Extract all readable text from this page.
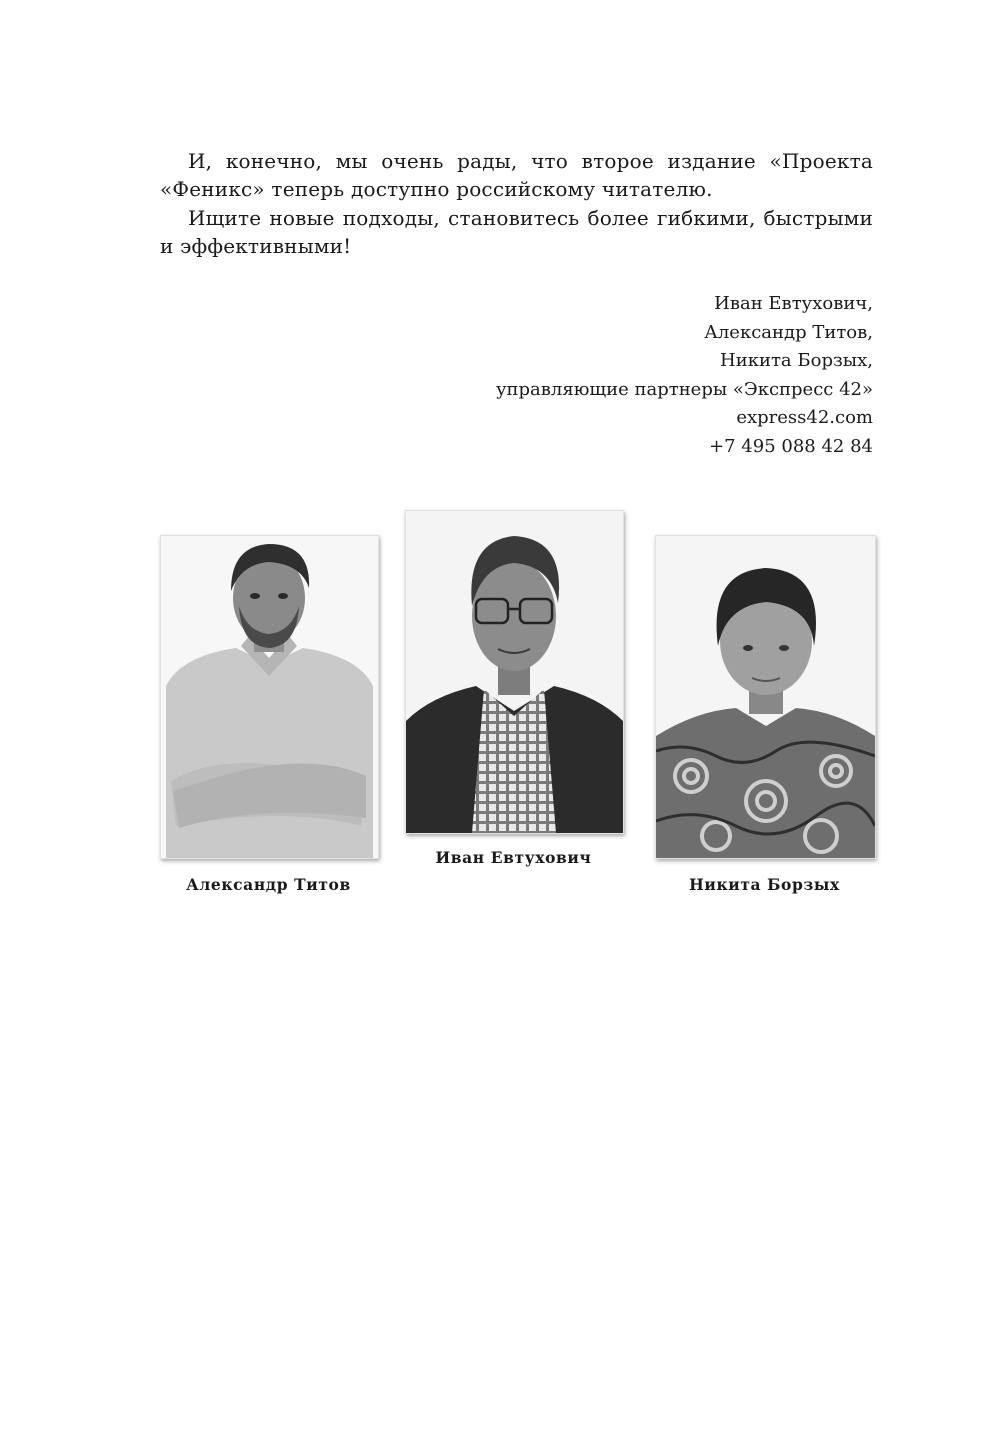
И, конечно, мы очень рады, что второе издание «Проекта «Феникс» теперь доступно российскому читателю.

Ищите новые подходы, становитесь более гибкими, быстрыми и эффективными!

Иван Евтухович,
Александр Титов,
Никита Борзых,
управляющие партнеры «Экспресс 42»
express42.com
+7 495 088 42 84
Александр Титов
Иван Евтухович
Никита Борзых
